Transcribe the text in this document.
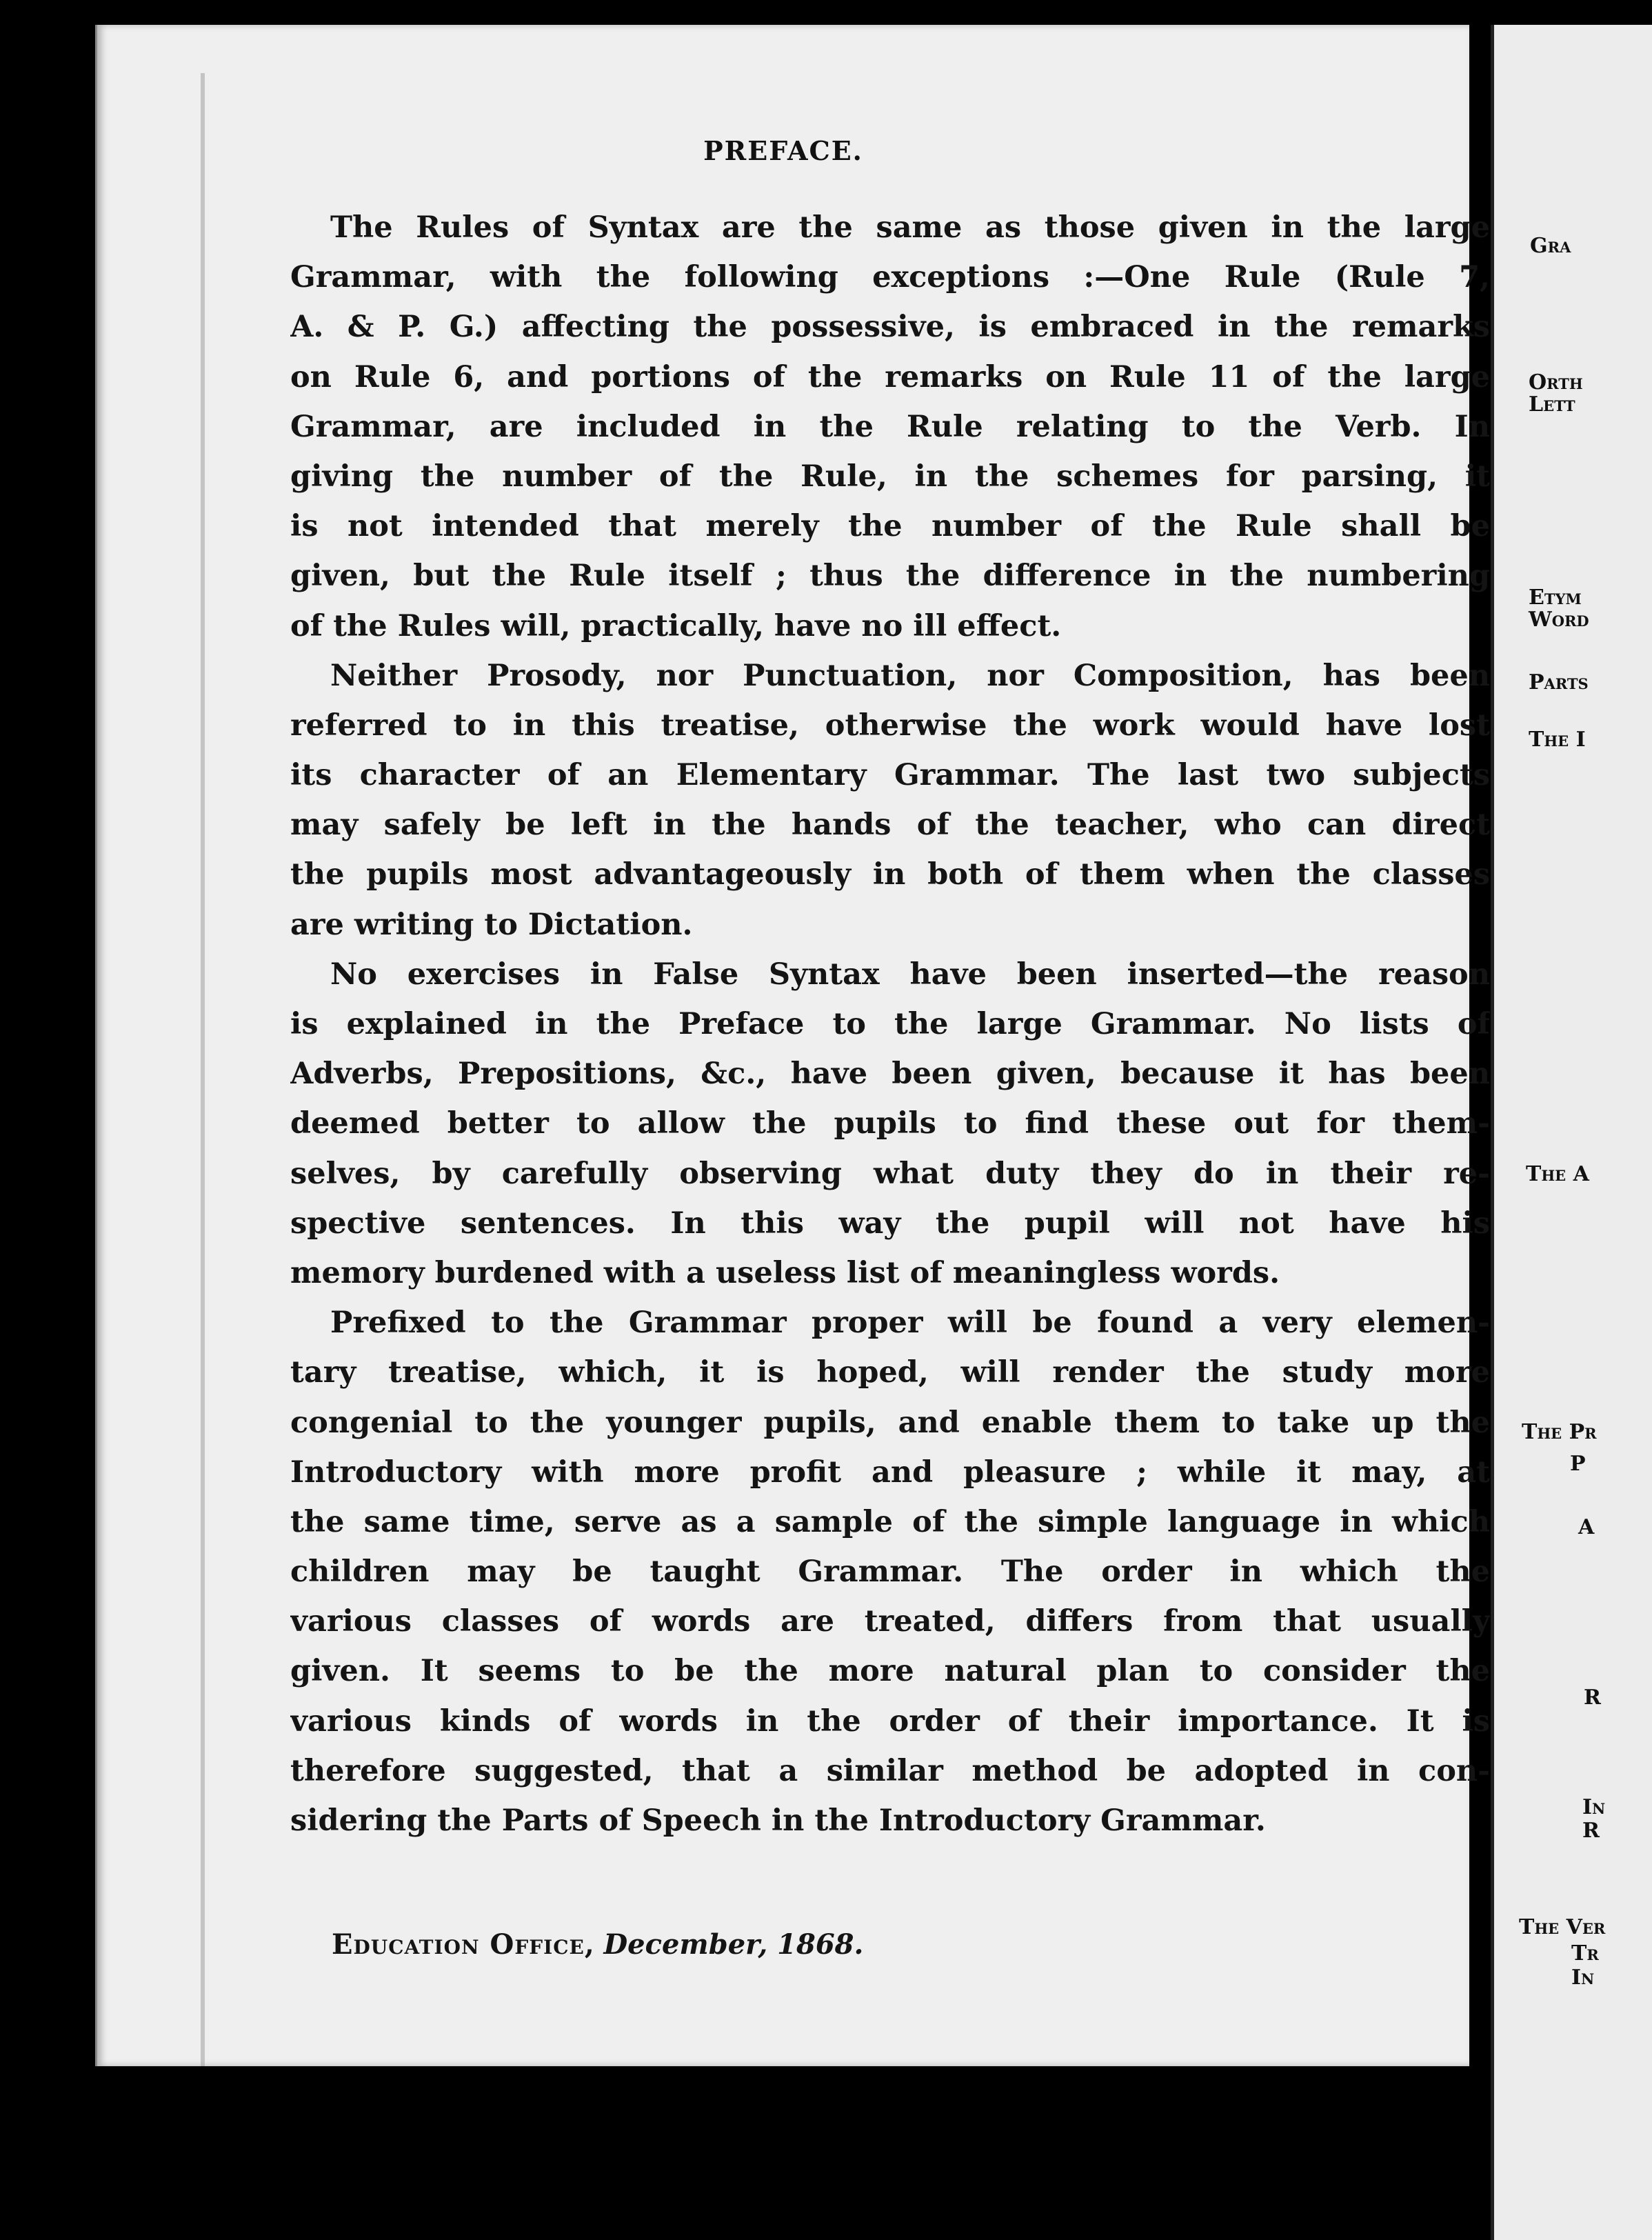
PREFACE.
The Rules of Syntax are the same as those given in the large
Grammar, with the following exceptions :—One Rule (Rule 7,
A. & P. G.) affecting the possessive, is embraced in the remarks
on Rule 6, and portions of the remarks on Rule 11 of the large
Grammar, are included in the Rule relating to the Verb. In
giving the number of the Rule, in the schemes for parsing, it
is not intended that merely the number of the Rule shall be
given, but the Rule itself ; thus the difference in the numbering
of the Rules will, practically, have no ill effect.
Neither Prosody, nor Punctuation, nor Composition, has been
referred to in this treatise, otherwise the work would have lost
its character of an Elementary Grammar. The last two subjects
may safely be left in the hands of the teacher, who can direct
the pupils most advantageously in both of them when the classes
are writing to Dictation.
No exercises in False Syntax have been inserted—the reason
is explained in the Preface to the large Grammar. No lists of
Adverbs, Prepositions, &c., have been given, because it has been
deemed better to allow the pupils to find these out for them-
selves, by carefully observing what duty they do in their re-
spective sentences. In this way the pupil will not have his
memory burdened with a useless list of meaningless words.
Prefixed to the Grammar proper will be found a very elemen-
tary treatise, which, it is hoped, will render the study more
congenial to the younger pupils, and enable them to take up the
Introductory with more profit and pleasure ; while it may, at
the same time, serve as a sample of the simple language in which
children may be taught Grammar. The order in which the
various classes of words are treated, differs from that usually
given. It seems to be the more natural plan to consider the
various kinds of words in the order of their importance. It is
therefore suggested, that a similar method be adopted in con-
sidering the Parts of Speech in the Introductory Grammar.
Education Office, December, 1868.
Gra
Orth
Lett
Etym
Word
Parts
The I
The A
The Pr
P
A
R
In
R
The Ver
Tr
In
